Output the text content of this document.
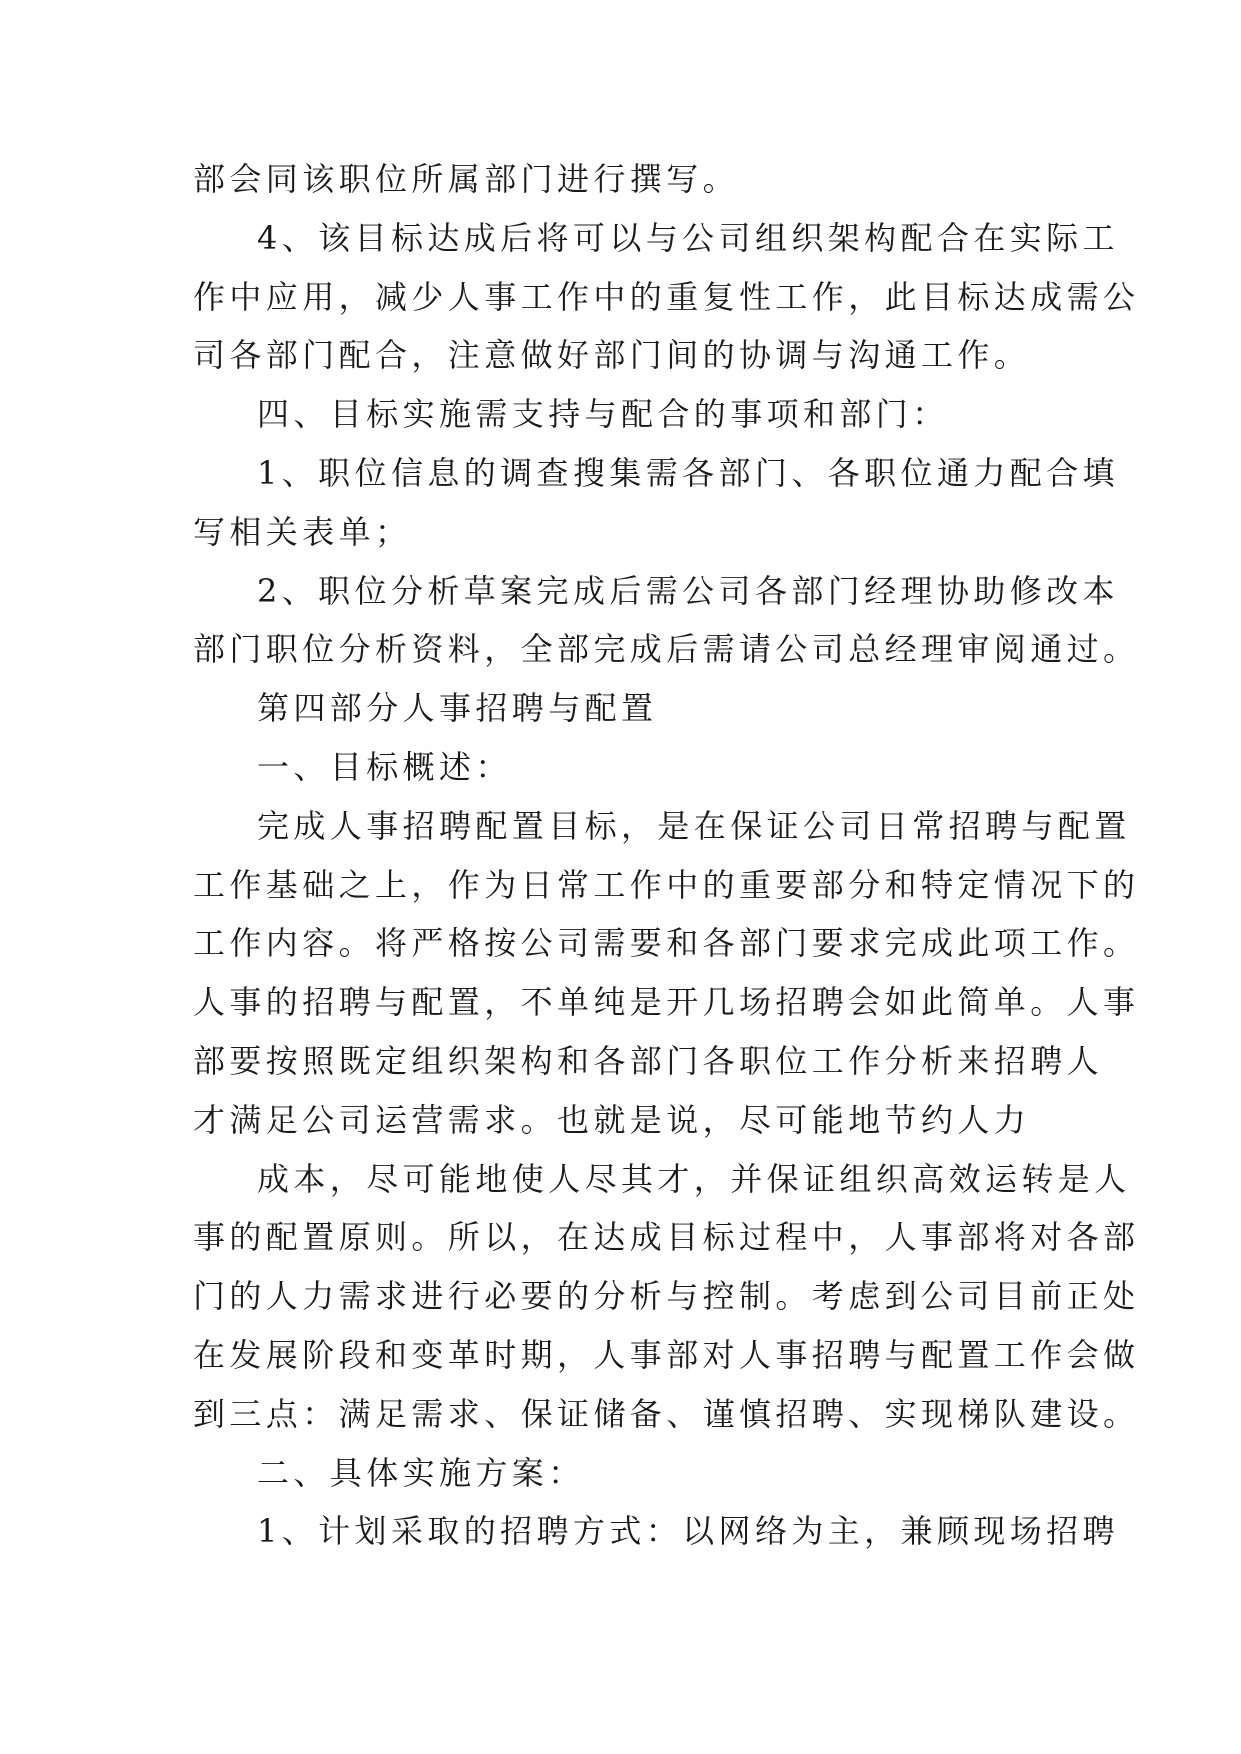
部会同该职位所属部门进行撰写。
4、该目标达成后将可以与公司组织架构配合在实际工
作中应用，减少人事工作中的重复性工作，此目标达成需公
司各部门配合，注意做好部门间的协调与沟通工作。
四、目标实施需支持与配合的事项和部门：
1、职位信息的调查搜集需各部门、各职位通力配合填
写相关表单；
2、职位分析草案完成后需公司各部门经理协助修改本
部门职位分析资料，全部完成后需请公司总经理审阅通过。
第四部分人事招聘与配置
一、目标概述：
完成人事招聘配置目标，是在保证公司日常招聘与配置
工作基础之上，作为日常工作中的重要部分和特定情况下的
工作内容。将严格按公司需要和各部门要求完成此项工作。
人事的招聘与配置，不单纯是开几场招聘会如此简单。人事
部要按照既定组织架构和各部门各职位工作分析来招聘人
才满足公司运营需求。也就是说，尽可能地节约人力
成本，尽可能地使人尽其才，并保证组织高效运转是人
事的配置原则。所以，在达成目标过程中，人事部将对各部
门的人力需求进行必要的分析与控制。考虑到公司目前正处
在发展阶段和变革时期，人事部对人事招聘与配置工作会做
到三点：满足需求、保证储备、谨慎招聘、实现梯队建设。
二、具体实施方案：
1、计划采取的招聘方式：以网络为主，兼顾现场招聘
